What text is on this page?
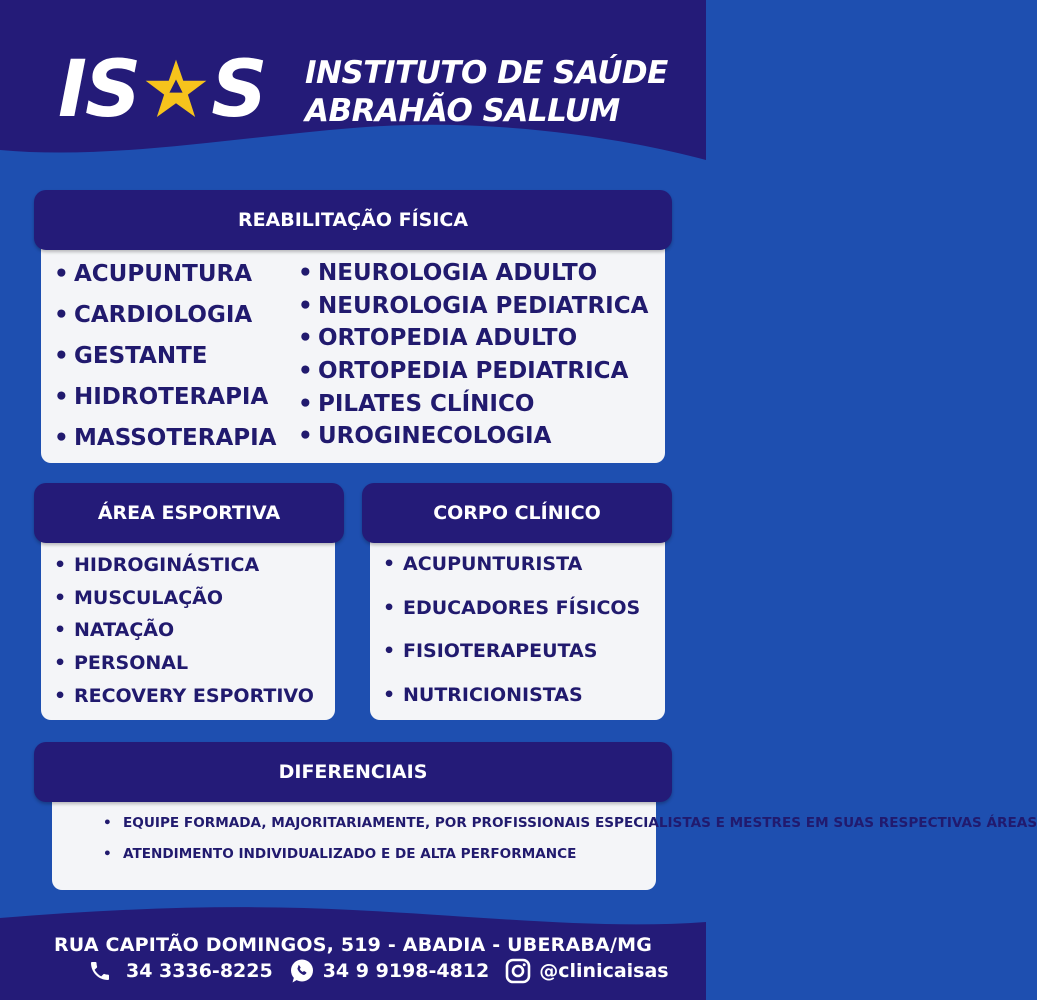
IS S INSTITUTO DE SAÚDE
ABRAHÃO SALLUM
REABILITAÇÃO FÍSICA
• ACUPUNTURA
• CARDIOLOGIA
• GESTANTE
• HIDROTERAPIA
• MASSOTERAPIA
• NEUROLOGIA ADULTO
• NEUROLOGIA PEDIATRICA
• ORTOPEDIA ADULTO
• ORTOPEDIA PEDIATRICA
• PILATES CLÍNICO
• UROGINECOLOGIA
ÁREA ESPORTIVA
• HIDROGINÁSTICA
• MUSCULAÇÃO
• NATAÇÃO
• PERSONAL
• RECOVERY ESPORTIVO
CORPO CLÍNICO
• ACUPUNTURISTA
• EDUCADORES FÍSICOS
• FISIOTERAPEUTAS
• NUTRICIONISTAS
DIFERENCIAIS
• EQUIPE FORMADA, MAJORITARIAMENTE, POR PROFISSIONAIS ESPECIALISTAS E MESTRES EM SUAS RESPECTIVAS ÁREAS
• ATENDIMENTO INDIVIDUALIZADO E DE ALTA PERFORMANCE
RUA CAPITÃO DOMINGOS, 519 - ABADIA - UBERABA/MG
34 3336-8225	34 9 9198-4812	@clinicaisas
